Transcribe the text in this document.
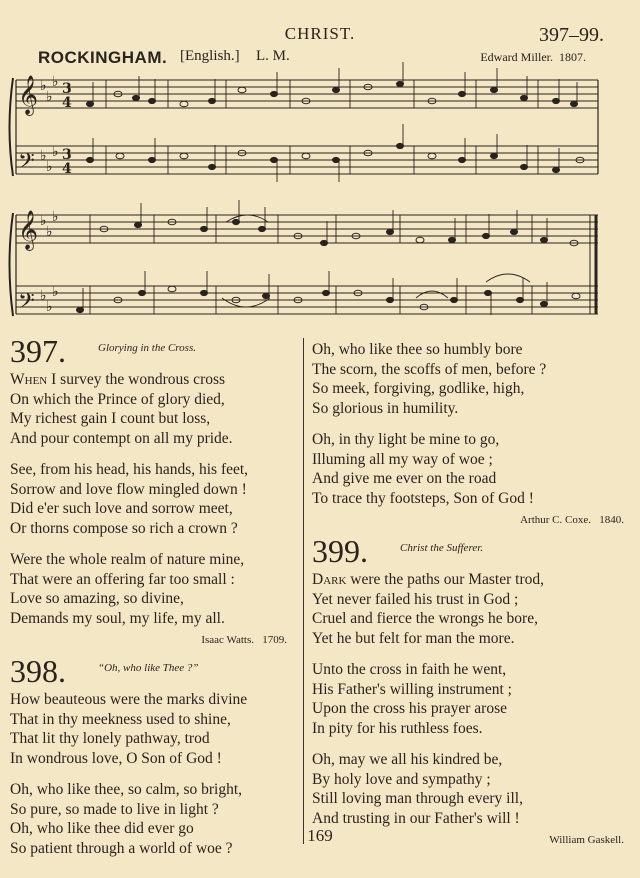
CHRIST.	397–99.
ROCKINGHAM. [English.] L. M.	Edward Miller. 1807.
𝄞
𝄢
𝄞
𝄢
♭
♭
♭
♭
♭
♭
♭
♭
♭
♭
♭
♭
3
4
3
4
397.	Glorying in the Cross.
When I survey the wondrous cross
On which the Prince of glory died,
My richest gain I count but loss,
And pour contempt on all my pride.
See, from his head, his hands, his feet,
Sorrow and love flow mingled down !
Did e'er such love and sorrow meet,
Or thorns compose so rich a crown ?
Were the whole realm of nature mine,
That were an offering far too small :
Love so amazing, so divine,
Demands my soul, my life, my all.
Isaac Watts. 1709.
398.	“Oh, who like Thee ?”
How beauteous were the marks divine
That in thy meekness used to shine,
That lit thy lonely pathway, trod
In wondrous love, O Son of God !
Oh, who like thee, so calm, so bright,
So pure, so made to live in light ?
Oh, who like thee did ever go
So patient through a world of woe ?
Oh, who like thee so humbly bore
The scorn, the scoffs of men, before ?
So meek, forgiving, godlike, high,
So glorious in humility.
Oh, in thy light be mine to go,
Illuming all my way of woe ;
And give me ever on the road
To trace thy footsteps, Son of God !
Arthur C. Coxe. 1840.
399.	Christ the Sufferer.
Dark were the paths our Master trod,
Yet never failed his trust in God ;
Cruel and fierce the wrongs he bore,
Yet he but felt for man the more.
Unto the cross in faith he went,
His Father's willing instrument ;
Upon the cross his prayer arose
In pity for his ruthless foes.
Oh, may we all his kindred be,
By holy love and sympathy ;
Still loving man through every ill,
And trusting in our Father's will !
William Gaskell.
169
